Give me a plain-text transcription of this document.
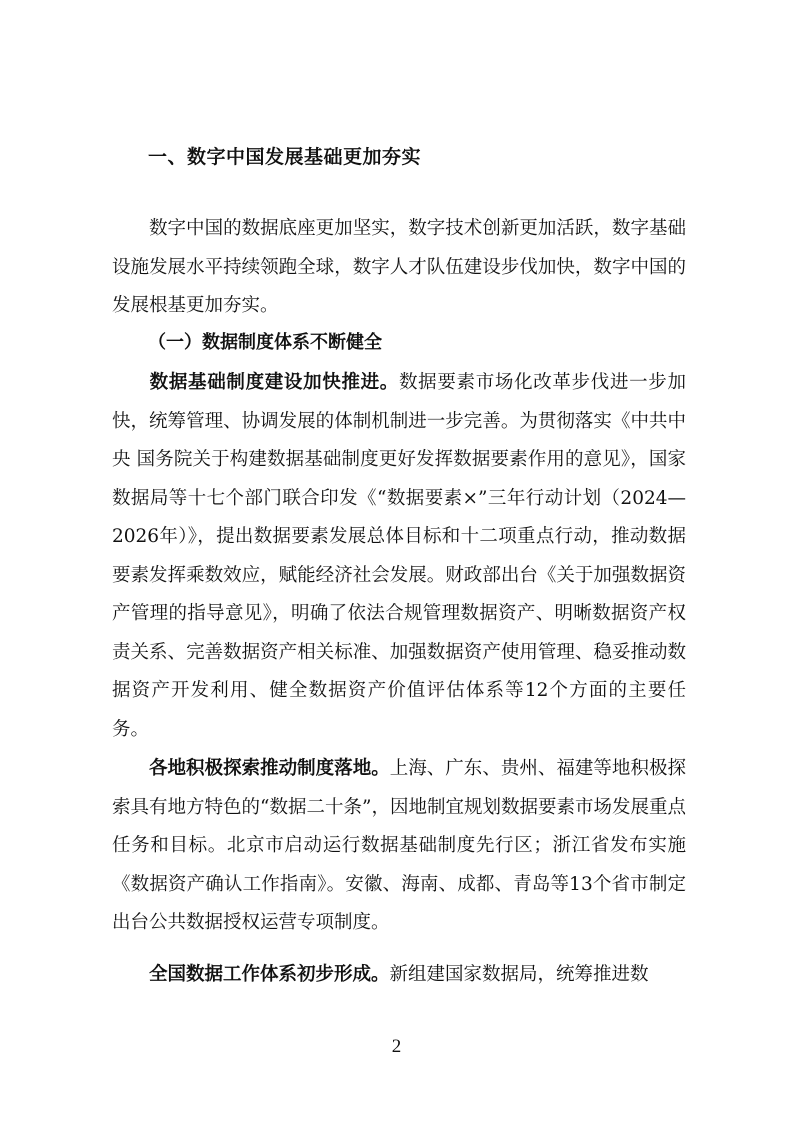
一、数字中国发展基础更加夯实

数字中国的数据底座更加坚实，数字技术创新更加活跃，数字基础设施发展水平持续领跑全球，数字人才队伍建设步伐加快，数字中国的发展根基更加夯实。

（一）数据制度体系不断健全

数据基础制度建设加快推进。数据要素市场化改革步伐进一步加快，统筹管理、协调发展的体制机制进一步完善。为贯彻落实《中共中央 国务院关于构建数据基础制度更好发挥数据要素作用的意见》，国家数据局等十七个部门联合印发《“数据要素×”三年行动计划（2024—2026年）》，提出数据要素发展总体目标和十二项重点行动，推动数据要素发挥乘数效应，赋能经济社会发展。财政部出台《关于加强数据资产管理的指导意见》，明确了依法合规管理数据资产、明晰数据资产权责关系、完善数据资产相关标准、加强数据资产使用管理、稳妥推动数据资产开发利用、健全数据资产价值评估体系等12个方面的主要任务。

各地积极探索推动制度落地。上海、广东、贵州、福建等地积极探索具有地方特色的“数据二十条”，因地制宜规划数据要素市场发展重点任务和目标。北京市启动运行数据基础制度先行区；浙江省发布实施《数据资产确认工作指南》。安徽、海南、成都、青岛等13个省市制定出台公共数据授权运营专项制度。

全国数据工作体系初步形成。新组建国家数据局，统筹推进数

2
